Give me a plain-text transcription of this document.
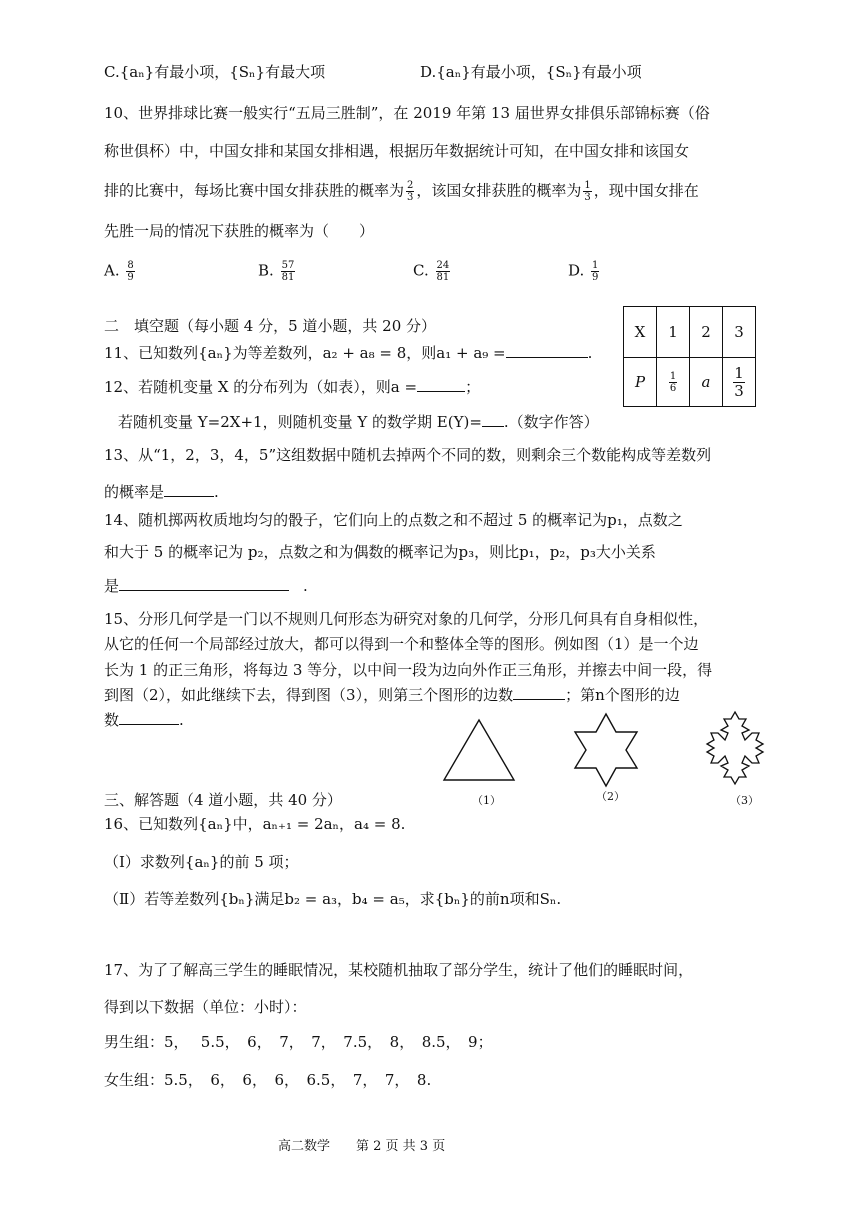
C.{aₙ}有最小项，{Sₙ}有最大项	D.{aₙ}有最小项，{Sₙ}有最小项
10、世界排球比赛一般实行“五局三胜制”，在 2019 年第 13 届世界女排俱乐部锦标赛（俗
称世俱杯）中，中国女排和某国女排相遇，根据历年数据统计可知，在中国女排和该国女
排的比赛中，每场比赛中国女排获胜的概率为 $\frac{2}{3}$ ，该国女排获胜的概率为 $\frac{1}{3}$ ，现中国女排在
先胜一局的情况下获胜的概率为（　　）
A. $\frac{8}{9}$	B. $\frac{57}{81}$	C. $\frac{24}{81}$	D. $\frac{1}{9}$
二　填空题（每小题 4 分，5 道小题，共 20 分）
11、已知数列{aₙ}为等差数列，a₂ + a₈ = 8，则a₁ + a₉ =	.
12、若随机变量 X 的分布列为（如表），则a =	；
若随机变量 Y=2X+1，则随机变量 Y 的数学期 E(Y)= .（数字作答）
X	1	2	3
P	$\frac{1}{6}$	a	$\frac{1}{3}$
13、从“1，2，3，4，5”这组数据中随机去掉两个不同的数，则剩余三个数能构成等差数列
的概率是	.
14、随机掷两枚质地均匀的骰子，它们向上的点数之和不超过 5 的概率记为p₁，点数之
和大于 5 的概率记为 p₂，点数之和为偶数的概率记为p₃，则比p₁，p₂，p₃大小关系
是	.
15、分形几何学是一门以不规则几何形态为研究对象的几何学，分形几何具有自身相似性，
从它的任何一个局部经过放大，都可以得到一个和整体全等的图形。例如图（1）是一个边
长为 1 的正三角形，将每边 3 等分，以中间一段为边向外作正三角形，并擦去中间一段，得
到图（2），如此继续下去，得到图（3），则第三个图形的边数	；第n个图形的边
数	.
（1）	（2）	（3）
三、解答题（4 道小题，共 40 分）
16、已知数列{aₙ}中，aₙ₊₁ = 2aₙ，a₄ = 8.
（Ⅰ）求数列{aₙ}的前 5 项；
（Ⅱ）若等差数列{bₙ}满足b₂ = a₃，b₄ = a₅，求{bₙ}的前n项和Sₙ.
17、为了了解高三学生的睡眠情况，某校随机抽取了部分学生，统计了他们的睡眠时间，
得到以下数据（单位：小时）：
男生组：5，　 5.5，　6，　7，　7，　7.5，　8，　8.5，　9；
女生组：5.5，　6，　6，　6，　6.5，　7，　7，　8.
高二数学　　第 2 页 共 3 页
